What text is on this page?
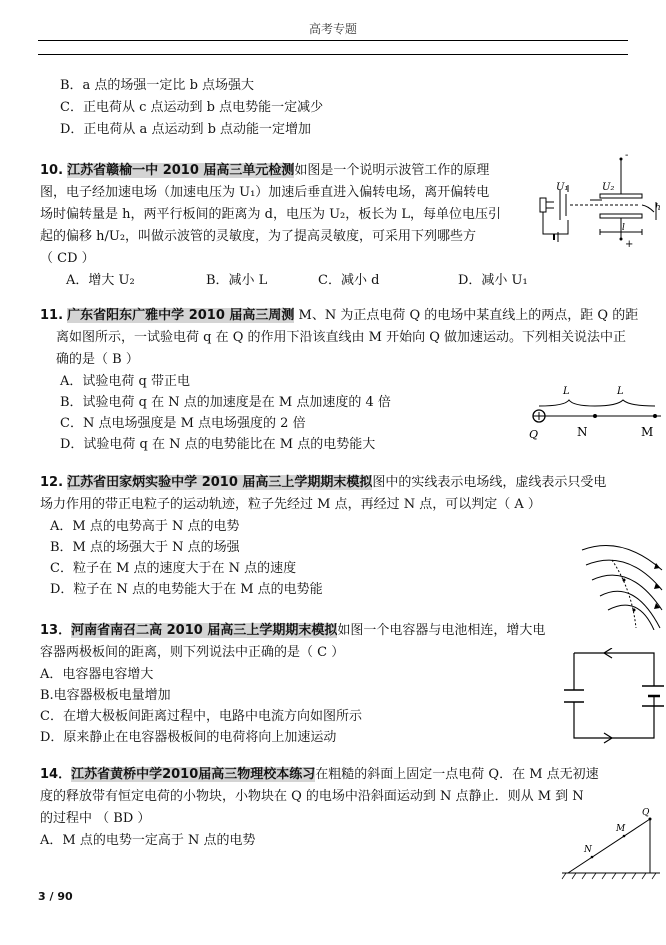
高考专题
B．a 点的场强一定比 b 点场强大
C．正电荷从 c 点运动到 b 点电势能一定减少
D．正电荷从 a 点运动到 b 点动能一定增加
10. 江苏省赣榆一中 2010 届高三单元检测如图是一个说明示波管工作的原理
图，电子经加速电场（加速电压为 U₁）加速后垂直进入偏转电场，离开偏转电
场时偏转量是 h，两平行板间的距离为 d，电压为 U₂，板长为 L，每单位电压引
起的偏移 h/U₂，叫做示波管的灵敏度，为了提高灵敏度，可采用下列哪些方
（ CD ）
A．增大 U₂	B．减小 L	C．减小 d	D．减小 U₁
U₁	U₂
h
l
-
+
11. 广东省阳东广雅中学 2010 届高三周测 M、N 为正点电荷 Q 的电场中某直线上的两点，距 Q 的距
离如图所示，一试验电荷 q 在 Q 的作用下沿该直线由 M 开始向 Q 做加速运动。下列相关说法中正
确的是（ B ）
A．试验电荷 q 带正电
B．试验电荷 q 在 N 点的加速度是在 M 点加速度的 4 倍
C．N 点电场强度是 M 点电场强度的 2 倍
D．试验电荷 q 在 N 点的电势能比在 M 点的电势能大
Q	N	M
L	L
12. 江苏省田家炳实验中学 2010 届高三上学期期末模拟图中的实线表示电场线，虚线表示只受电
场力作用的带正电粒子的运动轨迹，粒子先经过 M 点，再经过 N 点，可以判定（ A ）
A．M 点的电势高于 N 点的电势
B．M 点的场强大于 N 点的场强
C．粒子在 M 点的速度大于在 N 点的速度
D．粒子在 N 点的电势能大于在 M 点的电势能
13．河南省南召二高 2010 届高三上学期期末模拟如图一个电容器与电池相连，增大电
容器两极板间的距离，则下列说法中正确的是（ C ）
A．电容器电容增大
B.电容器极板电量增加
C．在增大极板间距离过程中，电路中电流方向如图所示
D．原来静止在电容器极板间的电荷将向上加速运动
14．江苏省黄桥中学2010届高三物理校本练习在粗糙的斜面上固定一点电荷 Q．在 M 点无初速
度的释放带有恒定电荷的小物块，小物块在 Q 的电场中沿斜面运动到 N 点静止．则从 M 到 N
的过程中 （ BD ）
A．M 点的电势一定高于 N 点的电势
Q
M
N
3 / 90
